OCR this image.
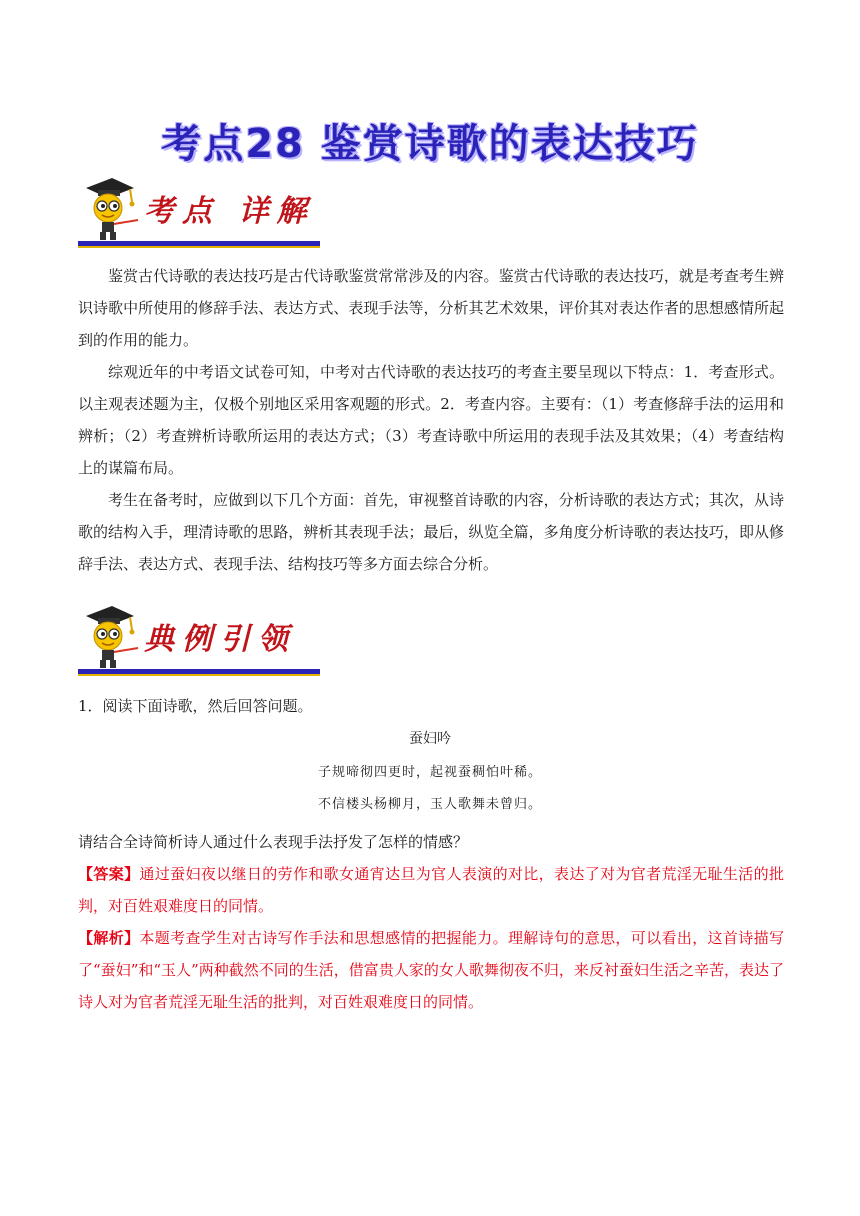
考点28 鉴赏诗歌的表达技巧
考点 详解

鉴赏古代诗歌的表达技巧是古代诗歌鉴赏常常涉及的内容。鉴赏古代诗歌的表达技巧，就是考查考生辨识诗歌中所使用的修辞手法、表达方式、表现手法等，分析其艺术效果，评价其对表达作者的思想感情所起到的作用的能力。

综观近年的中考语文试卷可知，中考对古代诗歌的表达技巧的考查主要呈现以下特点：1．考查形式。以主观表述题为主，仅极个别地区采用客观题的形式。2．考查内容。主要有：（1）考查修辞手法的运用和辨析；（2）考查辨析诗歌所运用的表达方式；（3）考查诗歌中所运用的表现手法及其效果；（4）考查结构上的谋篇布局。

考生在备考时，应做到以下几个方面：首先，审视整首诗歌的内容，分析诗歌的表达方式；其次，从诗歌的结构入手，理清诗歌的思路，辨析其表现手法；最后，纵览全篇，多角度分析诗歌的表达技巧，即从修辞手法、表达方式、表现手法、结构技巧等多方面去综合分析。

典例引领

1．阅读下面诗歌，然后回答问题。

蚕妇吟
子规啼彻四更时，起视蚕稠怕叶稀。
不信楼头杨柳月，玉人歌舞未曾归。

请结合全诗简析诗人通过什么表现手法抒发了怎样的情感？

【答案】通过蚕妇夜以继日的劳作和歌女通宵达旦为官人表演的对比，表达了对为官者荒淫无耻生活的批判，对百姓艰难度日的同情。

【解析】本题考查学生对古诗写作手法和思想感情的把握能力。理解诗句的意思，可以看出，这首诗描写了“蚕妇”和“玉人”两种截然不同的生活，借富贵人家的女人歌舞彻夜不归，来反衬蚕妇生活之辛苦，表达了诗人对为官者荒淫无耻生活的批判，对百姓艰难度日的同情。
